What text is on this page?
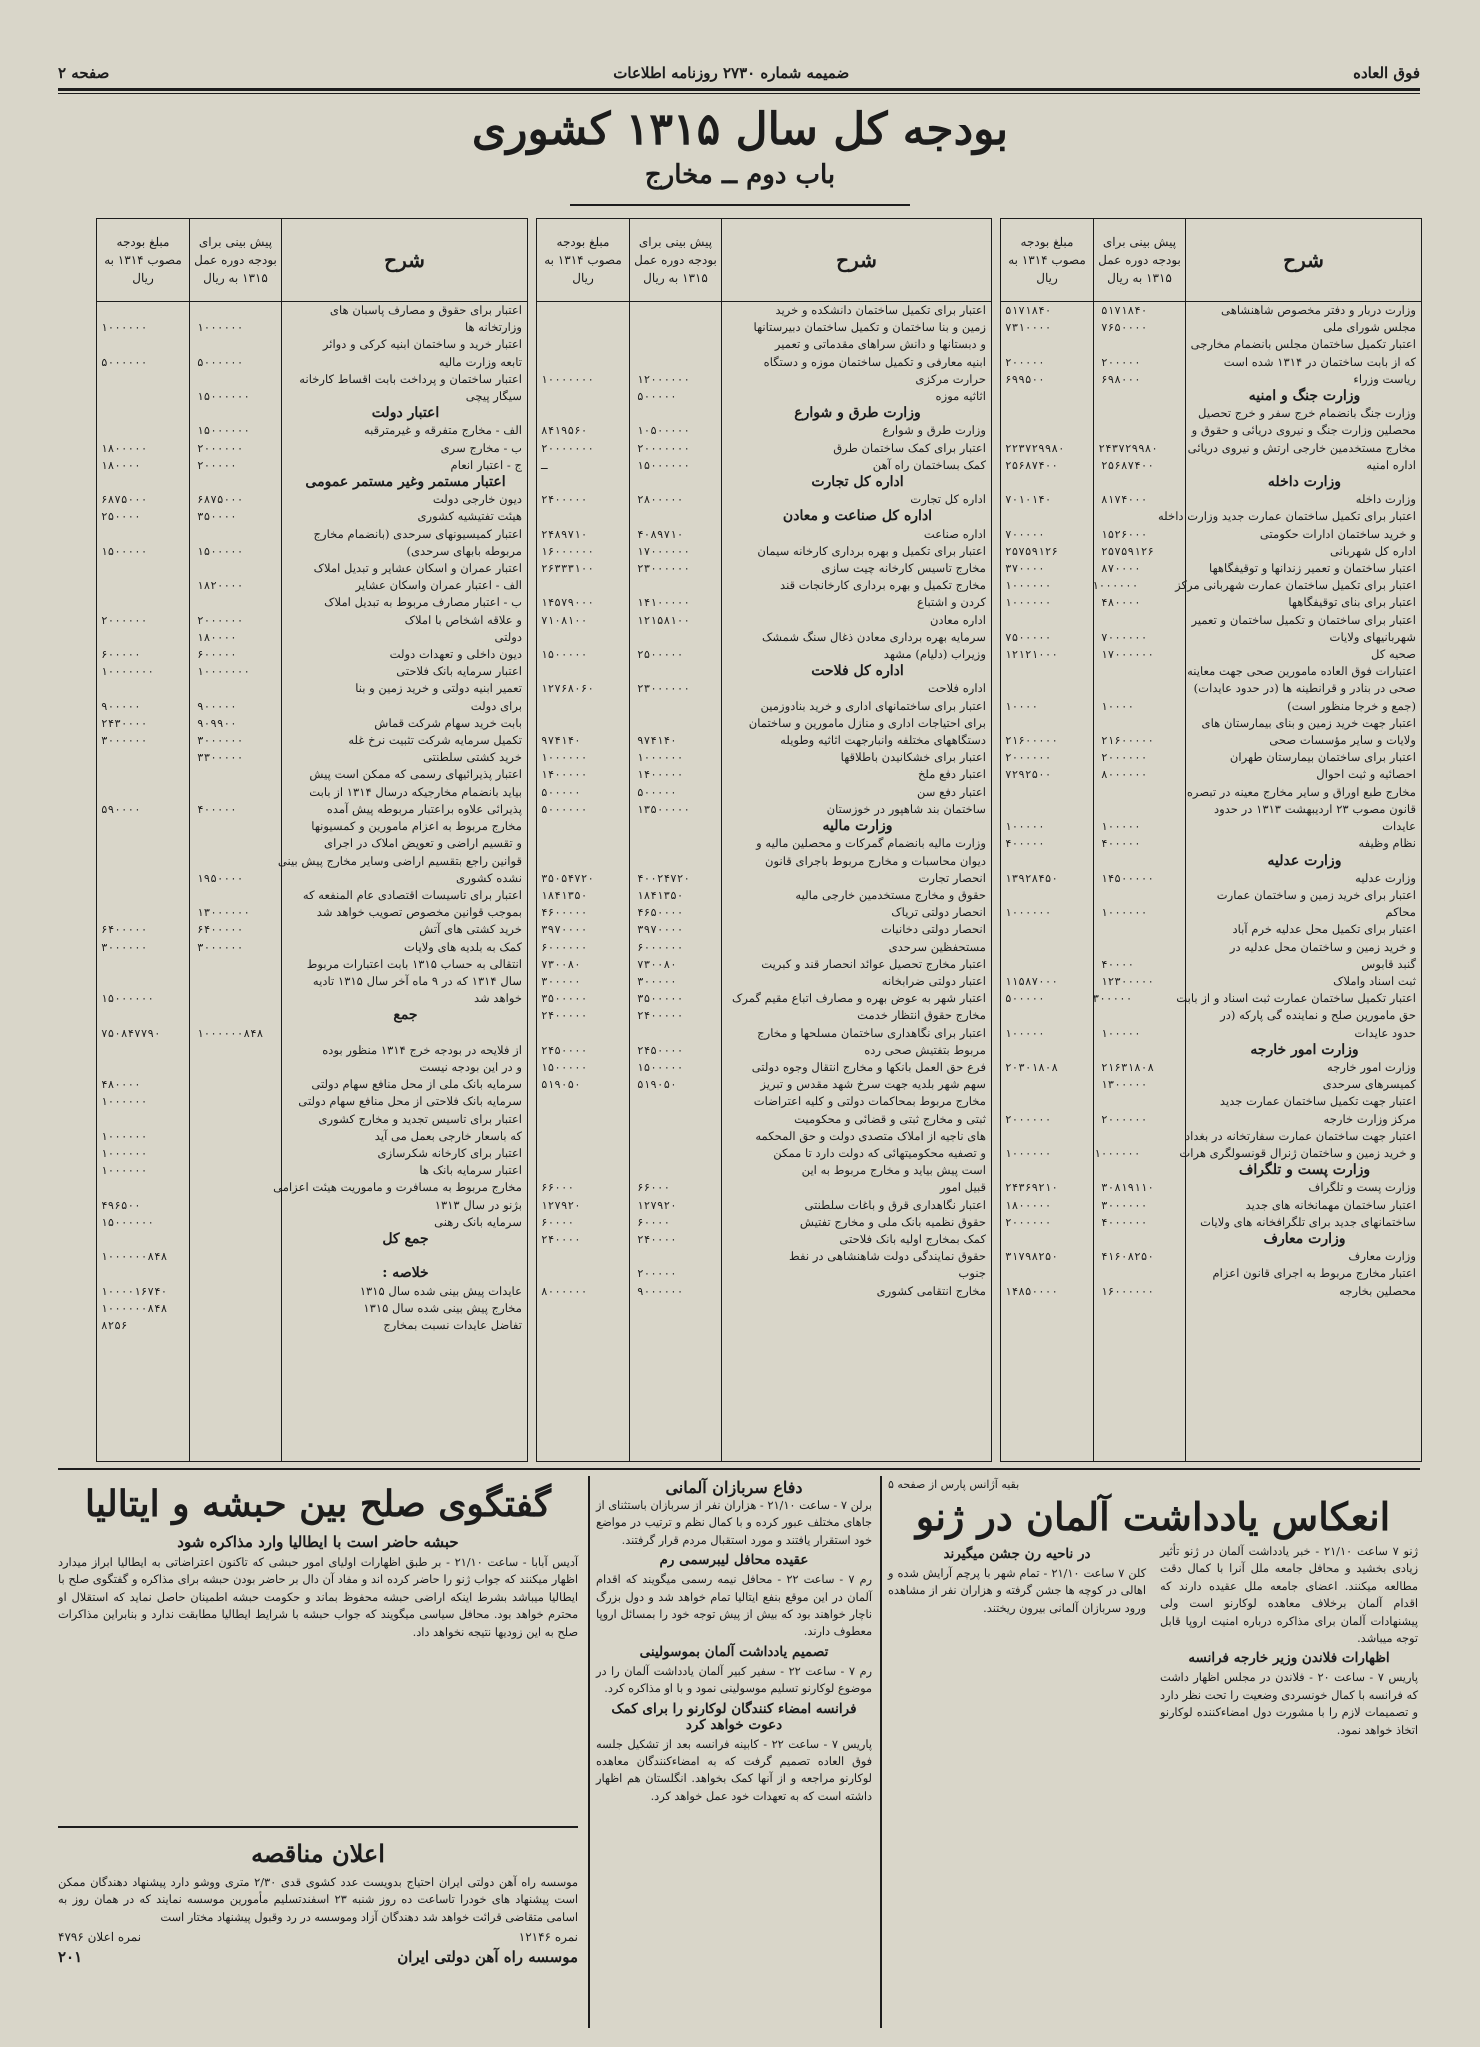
فوق العاده
ضمیمه شماره ۲۷۳۰ روزنامه اطلاعات
صفحه ۲
بودجه کل سال ۱۳۱۵ کشوری
باب دوم ــ مخارج
شرح
پیش بینی برای بودجه دوره عمل ۱۳۱۵ به ریال
مبلغ بودجه مصوب ۱۳۱۴ به ریال
وزارت دربار و دفتر مخصوص شاهنشاهی
۵۱۷۱۸۴۰
۵۱۷۱۸۴۰
مجلس شورای ملی
۷۶۵۰۰۰۰
۷۳۱۰۰۰۰
اعتبار تکمیل ساختمان مجلس بانضمام مخارجی
که از بابت ساختمان در ۱۳۱۴ شده است
۲۰۰۰۰۰
۲۰۰۰۰۰
ریاست وزراء
۶۹۸۰۰۰
۶۹۹۵۰۰
وزارت جنگ و امنیه
وزارت جنگ بانضمام خرج سفر و خرج تحصیل
محصلین وزارت جنگ و نیروی دریائی و حقوق و
مخارج مستخدمین خارجی ارتش و نیروی دریائی
۲۴۳۷۲۹۹۸۰
۲۲۳۷۲۹۹۸۰
اداره امنیه
۲۵۶۸۷۴۰۰
۲۵۶۸۷۴۰۰
وزارت داخله
وزارت داخله
۸۱۷۴۰۰۰
۷۰۱۰۱۴۰
اعتبار برای تکمیل ساختمان عمارت جدید وزارت داخله
و خرید ساختمان ادارات حکومتی
۱۵۲۶۰۰۰
۷۰۰۰۰۰
اداره کل شهربانی
۲۵۷۵۹۱۲۶
۲۵۷۵۹۱۲۶
اعتبار ساختمان و تعمیر زندانها و توقیفگاهها
۸۷۰۰۰۰
۳۷۰۰۰۰
اعتبار برای تکمیل ساختمان عمارت شهربانی مرکز
۱۰۰۰۰۰۰
۱۰۰۰۰۰۰
اعتبار برای بنای توقیفگاهها
۴۸۰۰۰۰
۱۰۰۰۰۰۰
اعتبار برای ساختمان و تکمیل ساختمان و تعمیر
شهربانیهای ولایات
۷۰۰۰۰۰۰
۷۵۰۰۰۰۰
صحیه کل
۱۷۰۰۰۰۰۰
۱۲۱۲۱۰۰۰
اعتبارات فوق العاده مامورین صحی جهت معاینه
صحی در بنادر و قرانطینه ها (در حدود عایدات)
(جمع و خرجا منظور است)
۱۰۰۰۰
۱۰۰۰۰
اعتبار جهت خرید زمین و بنای بیمارستان های
ولایات و سایر مؤسسات صحی
۲۱۶۰۰۰۰۰
۲۱۶۰۰۰۰۰
اعتبار برای ساختمان بیمارستان طهران
۲۰۰۰۰۰۰
۲۰۰۰۰۰۰
احصائیه و ثبت احوال
۸۰۰۰۰۰۰
۷۲۹۲۵۰۰
مخارج طبع اوراق و سایر مخارج معینه در تبصره
قانون مصوب ۲۳ اردیبهشت ۱۳۱۳ در حدود
عایدات
۱۰۰۰۰۰
۱۰۰۰۰۰
نظام وظیفه
۴۰۰۰۰۰
۴۰۰۰۰۰
وزارت عدلیه
وزارت عدلیه
۱۴۵۰۰۰۰۰
۱۳۹۲۸۴۵۰
اعتبار برای خرید زمین و ساختمان عمارت
محاکم
۱۰۰۰۰۰۰
۱۰۰۰۰۰۰
اعتبار برای تکمیل محل عدلیه خرم آباد
و خرید زمین و ساختمان محل عدلیه در
گنبد قابوس
۴۰۰۰۰
ثبت اسناد واملاک
۱۲۳۰۰۰۰۰
۱۱۵۸۷۰۰۰
اعتبار تکمیل ساختمان عمارت ثبت اسناد و از بابت
۳۰۰۰۰۰
۵۰۰۰۰۰
حق مامورین صلح و نماینده گی پارکه (در
حدود عایدات
۱۰۰۰۰۰
۱۰۰۰۰۰
وزارت امور خارجه
وزارت امور خارجه
۲۱۶۳۱۸۰۸
۲۰۳۰۱۸۰۸
کمیسرهای سرحدی
۱۳۰۰۰۰۰
اعتبار جهت تکمیل ساختمان عمارت جدید
مرکز وزارت خارجه
۲۰۰۰۰۰۰
۲۰۰۰۰۰۰
اعتبار جهت ساختمان عمارت سفارتخانه در بغداد
و خرید زمین و ساختمان ژنرال قونسولگری هرات
۱۰۰۰۰۰۰
۱۰۰۰۰۰۰
وزارت پست و تلگراف
وزارت پست و تلگراف
۳۰۸۱۹۱۱۰
۲۴۳۶۹۲۱۰
اعتبار ساختمان مهمانخانه های جدید
۳۰۰۰۰۰۰
۱۸۰۰۰۰۰
ساختمانهای جدید برای تلگرافخانه های ولایات
۴۰۰۰۰۰۰
۲۰۰۰۰۰۰
وزارت معارف
وزارت معارف
۴۱۶۰۸۲۵۰
۳۱۷۹۸۲۵۰
اعتبار مخارج مربوط به اجرای قانون اعزام
محصلین بخارجه
۱۶۰۰۰۰۰۰
۱۴۸۵۰۰۰۰
شرح
پیش بینی برای بودجه دوره عمل ۱۳۱۵ به ریال
مبلغ بودجه مصوب ۱۳۱۴ به ریال
اعتبار برای تکمیل ساختمان دانشکده و خرید
زمین و بنا ساختمان و تکمیل ساختمان دبیرستانها
و دبستانها و دانش سراهای مقدماتی و تعمیر
ابنیه معارفی و تکمیل ساختمان موزه و دستگاه
حرارت مرکزی
۱۲۰۰۰۰۰۰
۱۰۰۰۰۰۰۰
اثاثیه موزه
۵۰۰۰۰۰
وزارت طرق و شوارع
وزارت طرق و شوارع
۱۰۵۰۰۰۰۰
۸۴۱۹۵۶۰
اعتبار برای کمک ساختمان طرق
۲۰۰۰۰۰۰۰
۲۰۰۰۰۰۰۰
کمک بساختمان راه آهن
۱۵۰۰۰۰۰۰
ـ
اداره کل تجارت
اداره کل تجارت
۲۸۰۰۰۰۰
۲۴۰۰۰۰۰
اداره کل صناعت و معادن
اداره صناعت
۴۰۸۹۷۱۰
۲۴۸۹۷۱۰
اعتبار برای تکمیل و بهره برداری کارخانه سیمان
۱۷۰۰۰۰۰۰
۱۶۰۰۰۰۰۰
مخارج تاسیس کارخانه چیت سازی
۲۳۰۰۰۰۰۰
۲۶۳۳۳۱۰۰
مخارج تکمیل و بهره برداری کارخانجات قند
کردن و اشتباع
۱۴۱۰۰۰۰۰
۱۴۵۷۹۰۰۰
اداره معادن
۱۲۱۵۸۱۰۰
۷۱۰۸۱۰۰
سرمایه بهره برداری معادن ذغال سنگ شمشک
وزیراب (دلیام) مشهد
۲۵۰۰۰۰۰
۱۵۰۰۰۰۰
اداره کل فلاحت
اداره فلاحت
۲۳۰۰۰۰۰۰
۱۲۷۶۸۰۶۰
اعتبار برای ساختمانهای اداری و خرید بنادوزمین
برای احتیاجات اداری و منازل مامورین و ساختمان
دستگاههای مختلفه وانبارجهت اثاثیه وطویله
۹۷۴۱۴۰
۹۷۴۱۴۰
اعتبار برای خشکانیدن باطلاقها
۱۰۰۰۰۰۰
۱۰۰۰۰۰۰
اعتبار دفع ملخ
۱۴۰۰۰۰۰
۱۴۰۰۰۰۰
اعتبار دفع سن
۵۰۰۰۰۰
۵۰۰۰۰۰
ساختمان بند شاهپور در خوزستان
۱۳۵۰۰۰۰۰
۵۰۰۰۰۰۰
وزارت مالیه
وزارت مالیه بانضمام گمرکات و محصلین مالیه و
دیوان محاسبات و مخارج مربوط باجرای قانون
انحصار تجارت
۴۰۰۲۴۷۲۰
۳۵۰۵۴۷۲۰
حقوق و مخارج مستخدمین خارجی مالیه
۱۸۴۱۳۵۰
۱۸۴۱۳۵۰
انحصار دولتی تریاک
۴۶۵۰۰۰۰
۴۶۰۰۰۰۰
انحصار دولتی دخانیات
۳۹۷۰۰۰۰
۳۹۷۰۰۰۰
مستحفظین سرحدی
۶۰۰۰۰۰۰
۶۰۰۰۰۰۰
اعتبار مخارج تحصیل عوائد انحصار قند و کبریت
۷۳۰۰۸۰
۷۳۰۰۸۰
اعتبار دولتی ضرابخانه
۳۰۰۰۰۰
۳۰۰۰۰۰
اعتبار شهر به عوض بهره و مصارف اتباع مقیم گمرک
۳۵۰۰۰۰۰
۳۵۰۰۰۰۰
مخارج حقوق انتظار خدمت
۲۴۰۰۰۰۰
۲۴۰۰۰۰۰
اعتبار برای نگاهداری ساختمان مسلحها و مخارج
مربوط بتفتیش صحی رده
۲۴۵۰۰۰۰
۲۴۵۰۰۰۰
فرع حق العمل بانکها و مخارج انتقال وجوه دولتی
۱۵۰۰۰۰۰
۱۵۰۰۰۰۰
سهم شهر بلدیه جهت سرخ شهد مقدس و تبریز
۵۱۹۰۵۰
۵۱۹۰۵۰
مخارج مربوط بمحاکمات دولتی و کلیه اعتراضات
ثبتی و مخارج ثبتی و قضائی و محکومیت
های ناجیه از املاک متصدی دولت و حق المحکمه
و تصفیه محکومیتهائی که دولت دارد تا ممکن
است پیش بیاید و مخارج مربوط به این
قبیل امور
۶۶۰۰۰
۶۶۰۰۰
اعتبار نگاهداری قرق و باغات سلطنتی
۱۲۷۹۲۰
۱۲۷۹۲۰
حقوق نظمیه بانک ملی و مخارج تفتیش
۶۰۰۰۰
۶۰۰۰۰
کمک بمخارج اولیه بانک فلاحتی
۲۴۰۰۰۰
۲۴۰۰۰۰
حقوق نمایندگی دولت شاهنشاهی در نفط
جنوب
۲۰۰۰۰۰
مخارج انتقامی کشوری
۹۰۰۰۰۰۰
۸۰۰۰۰۰۰
شرح
پیش بینی برای بودجه دوره عمل ۱۳۱۵ به ریال
مبلغ بودجه مصوب ۱۳۱۴ به ریال
اعتبار برای حقوق و مصارف پاسبان های
وزارتخانه ها
۱۰۰۰۰۰۰
۱۰۰۰۰۰۰
اعتبار خرید و ساختمان ابنیه کرکی و دوائر
تابعه وزارت مالیه
۵۰۰۰۰۰۰
۵۰۰۰۰۰۰
اعتبار ساختمان و پرداخت بابت اقساط کارخانه
سیگار پیچی
۱۵۰۰۰۰۰۰
اعتبار دولت
الف - مخارج متفرقه و غیرمترقبه
۱۵۰۰۰۰۰۰
ب - مخارج سری
۲۰۰۰۰۰۰
۱۸۰۰۰۰۰
ج - اعتبار انعام
۲۰۰۰۰۰
۱۸۰۰۰۰
اعتبار مستمر وغیر مستمر عمومی
دیون خارجی دولت
۶۸۷۵۰۰۰
۶۸۷۵۰۰۰
هیئت تفتیشیه کشوری
۳۵۰۰۰۰
۲۵۰۰۰۰
اعتبار کمیسیونهای سرحدی (بانضمام مخارج
مربوطه بابهای سرحدی)
۱۵۰۰۰۰۰
۱۵۰۰۰۰۰
اعتبار عمران و اسکان عشایر و تبدیل املاک
الف - اعتبار عمران واسکان عشایر
۱۸۲۰۰۰۰
ب - اعتبار مصارف مربوط به تبدیل املاک
و علاقه اشخاص با املاک
۲۰۰۰۰۰۰
۲۰۰۰۰۰۰
دولتی
۱۸۰۰۰۰
دیون داخلی و تعهدات دولت
۶۰۰۰۰۰
۶۰۰۰۰۰
اعتبار سرمایه بانک فلاحتی
۱۰۰۰۰۰۰۰
۱۰۰۰۰۰۰۰
تعمیر ابنیه دولتی و خرید زمین و بنا
برای دولت
۹۰۰۰۰۰
۹۰۰۰۰۰
بابت خرید سهام شرکت قماش
۹۰۹۹۰۰
۲۴۳۰۰۰۰
تکمیل سرمایه شرکت تثبیت نرخ غله
۳۰۰۰۰۰۰
۳۰۰۰۰۰۰
خرید کشتی سلطنتی
۳۳۰۰۰۰۰
اعتبار پذیرائیهای رسمی که ممکن است پیش
بیاید بانضمام مخارجیکه درسال ۱۳۱۴ از بابت
پذیرائی علاوه براعتبار مربوطه پیش آمده
۴۰۰۰۰۰
۵۹۰۰۰۰
مخارج مربوط به اعزام مامورین و کمسیونها
و تقسیم اراضی و تعویض املاک در اجرای
قوانین راجع بتقسیم اراضی وسایر مخارج پیش بینی
نشده کشوری
۱۹۵۰۰۰۰
اعتبار برای تاسیسات اقتصادی عام المنفعه که
بموجب قوانین مخصوص تصویب خواهد شد
۱۳۰۰۰۰۰۰
خرید کشتی های آتش
۶۴۰۰۰۰۰
۶۴۰۰۰۰۰
کمک به بلدیه های ولایات
۳۰۰۰۰۰۰
۳۰۰۰۰۰۰
انتقالی به حساب ۱۳۱۵ بابت اعتبارات مربوط
سال ۱۳۱۴ که در ۹ ماه آخر سال ۱۳۱۵ تادیه
خواهد شد
۱۵۰۰۰۰۰۰
جمع
۱۰۰۰۰۰۰۸۴۸
۷۵۰۸۴۷۷۹۰
از فلایحه در بودجه خرج ۱۳۱۴ منظور بوده
و در این بودجه نیست
سرمایه بانک ملی از محل منافع سهام دولتی
۴۸۰۰۰۰
سرمایه بانک فلاحتی از محل منافع سهام دولتی
۱۰۰۰۰۰۰
اعتبار برای تاسیس تجدید و مخارج کشوری
که باسعار خارجی بعمل می آید
۱۰۰۰۰۰۰
اعتبار برای کارخانه شکرسازی
۱۰۰۰۰۰۰
اعتبار سرمایه بانک ها
۱۰۰۰۰۰۰
مخارج مربوط به مسافرت و ماموریت هیئت اعزامی
بژنو در سال ۱۳۱۳
۴۹۶۵۰۰
سرمایه بانک رهنی
۱۵۰۰۰۰۰۰
جمع کل
۱۰۰۰۰۰۰۸۴۸
خلاصه :
عایدات پیش بینی شده سال ۱۳۱۵
۱۰۰۰۰۱۶۷۴۰
مخارج پیش بینی شده سال ۱۳۱۵
۱۰۰۰۰۰۰۸۴۸
تفاضل عایدات نسبت بمخارج
۸۲۵۶
بقیه آژانس پارس از صفحه ۵
انعکاس یادداشت آلمان در ژنو

ژنو ۷ ساعت ۲۱/۱۰ - خبر یادداشت آلمان در ژنو تأثیر زیادی بخشید و محافل جامعه ملل آنرا با کمال دقت مطالعه میکنند. اعضای جامعه ملل عقیده دارند که اقدام آلمان برخلاف معاهده لوکارنو است ولی پیشنهادات آلمان برای مذاکره درباره امنیت اروپا قابل توجه میباشد.

اظهارات فلاندن وزیر خارجه فرانسه

پاریس ۷ - ساعت ۲۰ - فلاندن در مجلس اظهار داشت که فرانسه با کمال خونسردی وضعیت را تحت نظر دارد و تصمیمات لازم را با مشورت دول امضاءکننده لوکارنو اتخاذ خواهد نمود.

در ناحیه رن جشن میگیرند

کلن ۷ ساعت ۲۱/۱۰ - تمام شهر با پرچم آرایش شده و اهالی در کوچه ها جشن گرفته و هزاران نفر از مشاهده ورود سربازان آلمانی بیرون ریختند.

دفاع سربازان آلمانی

برلن ۷ - ساعت ۲۱/۱۰ - هزاران نفر از سربازان باستثنای از جاهای مختلف عبور کرده و با کمال نظم و ترتیب در مواضع خود استقرار یافتند و مورد استقبال مردم قرار گرفتند.

عقیده محافل لیبرسمی رم

رم ۷ - ساعت ۲۲ - محافل نیمه رسمی میگویند که اقدام آلمان در این موقع بنفع ایتالیا تمام خواهد شد و دول بزرگ ناچار خواهند بود که بیش از پیش توجه خود را بمسائل اروپا معطوف دارند.

تصمیم یادداشت آلمان بموسولینی

رم ۷ - ساعت ۲۲ - سفیر کبیر آلمان یادداشت آلمان را در موضوع لوکارنو تسلیم موسولینی نمود و با او مذاکره کرد.

فرانسه امضاء کنندگان لوکارنو را برای کمک دعوت خواهد کرد

پاریس ۷ - ساعت ۲۲ - کابینه فرانسه بعد از تشکیل جلسه فوق العاده تصمیم گرفت که به امضاءکنندگان معاهده لوکارنو مراجعه و از آنها کمک بخواهد. انگلستان هم اظهار داشته است که به تعهدات خود عمل خواهد کرد.

گفتگوی صلح بین حبشه و ایتالیا
حبشه حاضر است با ایطالیا وارد مذاکره شود

آدیس آبابا - ساعت ۲۱/۱۰ - بر طبق اظهارات اولیای امور حبشی که تاکنون اعتراضاتی به ایطالیا ابراز میدارد اظهار میکنند که جواب ژنو را حاضر کرده اند و مفاد آن دال بر حاضر بودن حبشه برای مذاکره و گفتگوی صلح با ایطالیا میباشد بشرط اینکه اراضی حبشه محفوظ بماند و حکومت حبشه اطمینان حاصل نماید که استقلال او محترم خواهد بود. محافل سیاسی میگویند که جواب حبشه با شرایط ایطالیا مطابقت ندارد و بنابراین مذاکرات صلح به این زودیها نتیجه نخواهد داد.

اعلان مناقصه

موسسه راه آهن دولتی ایران احتیاج بدویست عدد کشوی قدی ۲/۳۰ متری ووشو دارد پیشنهاد دهندگان ممکن است پیشنهاد های خودرا تاساعت ده روز شنبه ۲۳ اسفندتسلیم مأمورین موسسه نمایند که در همان روز به اسامی متقاضی قرائت خواهد شد دهندگان آزاد وموسسه در رد وقبول پیشنهاد مختار است

نمره ۱۲۱۴۶
نمره اعلان ۴۷۹۶
موسسه راه آهن دولتی ایران
۲۰۱
